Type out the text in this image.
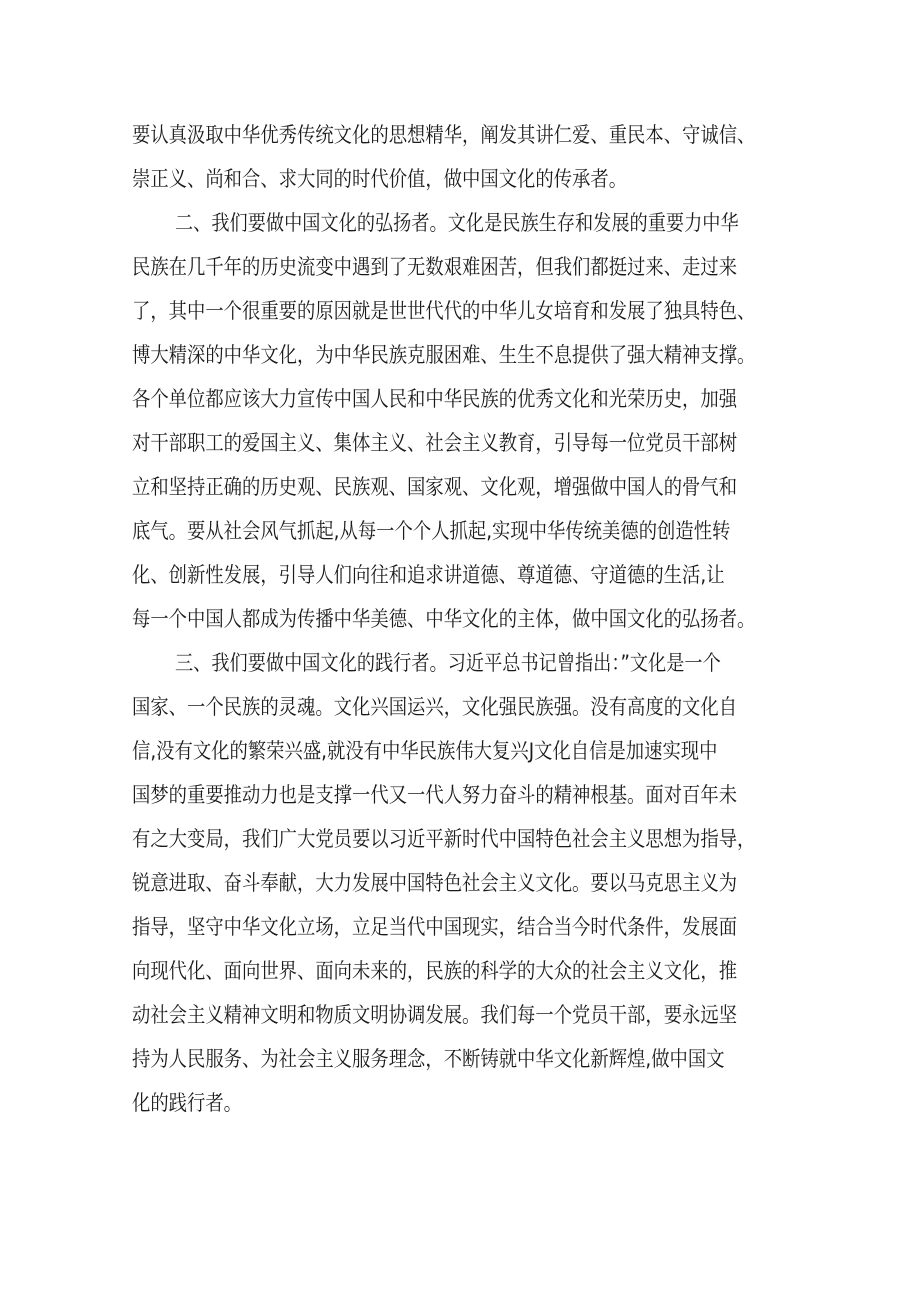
要认真汲取中华优秀传统文化的思想精华，阐发其讲仁爱、重民本、守诚信、
崇正义、尚和合、求大同的时代价值，做中国文化的传承者。
二、我们要做中国文化的弘扬者。文化是民族生存和发展的重要力中华
民族在几千年的历史流变中遇到了无数艰难困苦，但我们都挺过来、走过来
了，其中一个很重要的原因就是世世代代的中华儿女培育和发展了独具特色、
博大精深的中华文化，为中华民族克服困难、生生不息提供了强大精神支撑。
各个单位都应该大力宣传中国人民和中华民族的优秀文化和光荣历史，加强
对干部职工的爱国主义、集体主义、社会主义教育，引导每一位党员干部树
立和坚持正确的历史观、民族观、国家观、文化观，增强做中国人的骨气和
底气。要从社会风气抓起,从每一个个人抓起,实现中华传统美德的创造性转
化、创新性发展，引导人们向往和追求讲道德、尊道德、守道德的生活,让
每一个中国人都成为传播中华美德、中华文化的主体，做中国文化的弘扬者。
三、我们要做中国文化的践行者。习近平总书记曾指出：”文化是一个
国家、一个民族的灵魂。文化兴国运兴，文化强民族强。没有高度的文化自
信,没有文化的繁荣兴盛,就没有中华民族伟大复兴J文化自信是加速实现中
国梦的重要推动力也是支撑一代又一代人努力奋斗的精神根基。面对百年未
有之大变局，我们广大党员要以习近平新时代中国特色社会主义思想为指导，
锐意进取、奋斗奉献，大力发展中国特色社会主义文化。要以马克思主义为
指导，坚守中华文化立场，立足当代中国现实，结合当今时代条件，发展面
向现代化、面向世界、面向未来的，民族的科学的大众的社会主义文化，推
动社会主义精神文明和物质文明协调发展。我们每一个党员干部，要永远坚
持为人民服务、为社会主义服务理念，不断铸就中华文化新辉煌,做中国文
化的践行者。
